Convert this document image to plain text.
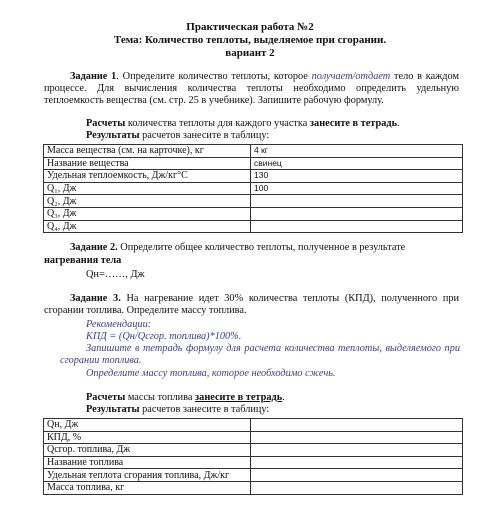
Практическая работа №2
Тема: Количество теплоты, выделяемое при сгорании.
вариант 2
Задание 1. Определите количество теплоты, которое получает/отдает тело в каждом процессе. Для вычисления количества теплоты необходимо определить удельную теплоемкость вещества (см. стр. 25 в учебнике). Запишите рабочую формулу.
Расчеты количества теплоты для каждого участка занесите в тетрадь.
Результаты расчетов занесите в таблицу:
Масса вещества (см. на карточке), кг	4 кг
Название вещества	свинец
Удельная теплоемкость, Дж/кг°С	130
Q₁, Дж	100
Q₂, Дж	
Q₃, Дж	
Q₄, Дж	
Задание 2. Определите общее количество теплоты, полученное в результате
нагревания тела
Qн=……, Дж
Задание 3. На нагревание идет 30% количества теплоты (КПД), полученного при сгорании топлива. Определите массу топлива.
Рекомендации:
КПД = (Qн/Qсгор. топлива)*100%.
Запишите в тетрадь формулу для расчета количества теплоты, выделяемого при сгорании топлива.
Определите массу топлива, которое необходимо сжечь.
Расчеты массы топлива занесите в тетрадь.
Результаты расчетов занесите в таблицу:
Qн, Дж	
КПД, %	
Qсгор. топлива, Дж	
Название топлива	
Удельная теплота сгорания топлива, Дж/кг	
Масса топлива, кг	
